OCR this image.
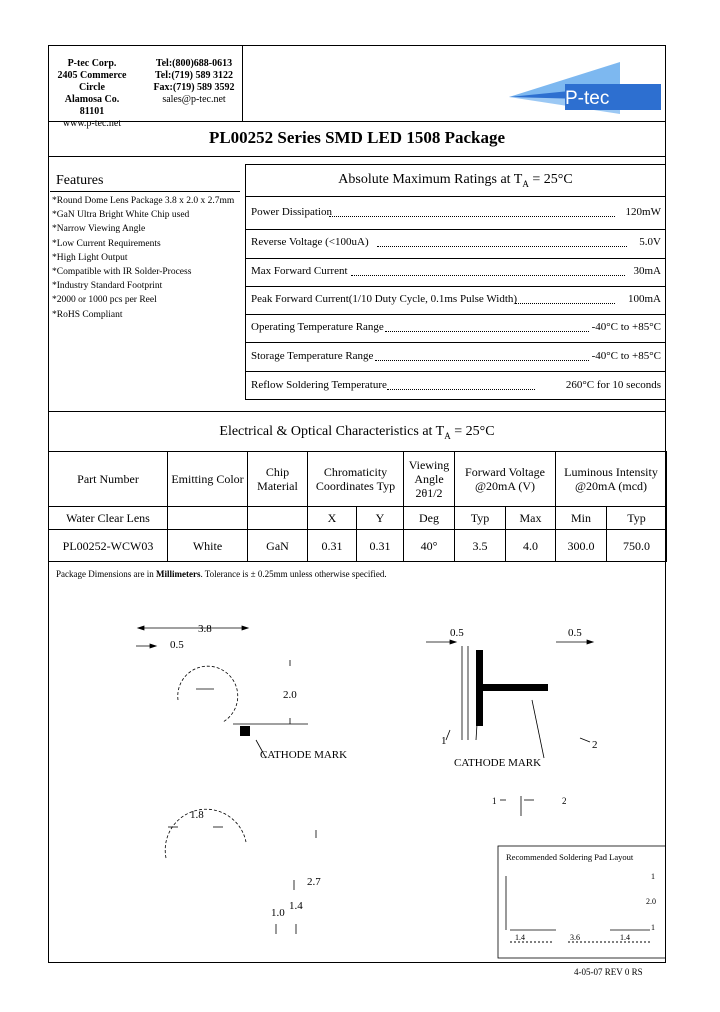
P-tec Corp.
2405 Commerce Circle
Alamosa Co. 81101
www.p-tec.net
Tel:(800)688-0613
Tel:(719) 589 3122
Fax:(719) 589 3592
sales@p-tec.net	P-tec
PL00252 Series SMD LED 1508 Package
Features
*Round Dome Lens Package 3.8 x 2.0 x 2.7mm
*GaN Ultra Bright White Chip used
*Narrow Viewing Angle
*Low Current Requirements
*High Light Output
*Compatible with IR Solder-Process
*Industry Standard Footprint
*2000 or 1000 pcs per Reel
*RoHS Compliant
Absolute Maximum Ratings at $T_A = 25^\circ C$
Power Dissipation	120mW
Reverse Voltage (<100uA)	5.0V
Max Forward Current	30mA
Peak Forward Current(1/10 Duty Cycle, 0.1ms Pulse Width)	100mA
Operating Temperature Range	-40°C to +85°C
Storage Temperature Range	-40°C to +85°C
Reflow Soldering Temperature	260°C for 10 seconds
Electrical & Optical Characteristics at $T_A = 25^\circ C$
Part Number	Emitting Color	Chip Material	Chromaticity Coordinates Typ		Viewing Angle 2θ1/2	Forward Voltage @20mA (V)		Luminous Intensity @20mA (mcd)	
Water Clear Lens			X	Y	Deg	Typ	Max	Min	Typ
PL00252-WCW03	White	GaN	0.31	0.31	40°	3.5	4.0	300.0	750.0
Package Dimensions are in Millimeters. Tolerance is ± 0.25mm unless otherwise specified.
3.8
0.5
2.0
CATHODE MARK
0.5	0.5
1	2
CATHODE MARK
1	2
1.8
2.7
1.4
1.0
Recommended Soldering Pad Layout
1
2.0
1
1.4	3.6	1.4
4-05-07 REV 0 RS
